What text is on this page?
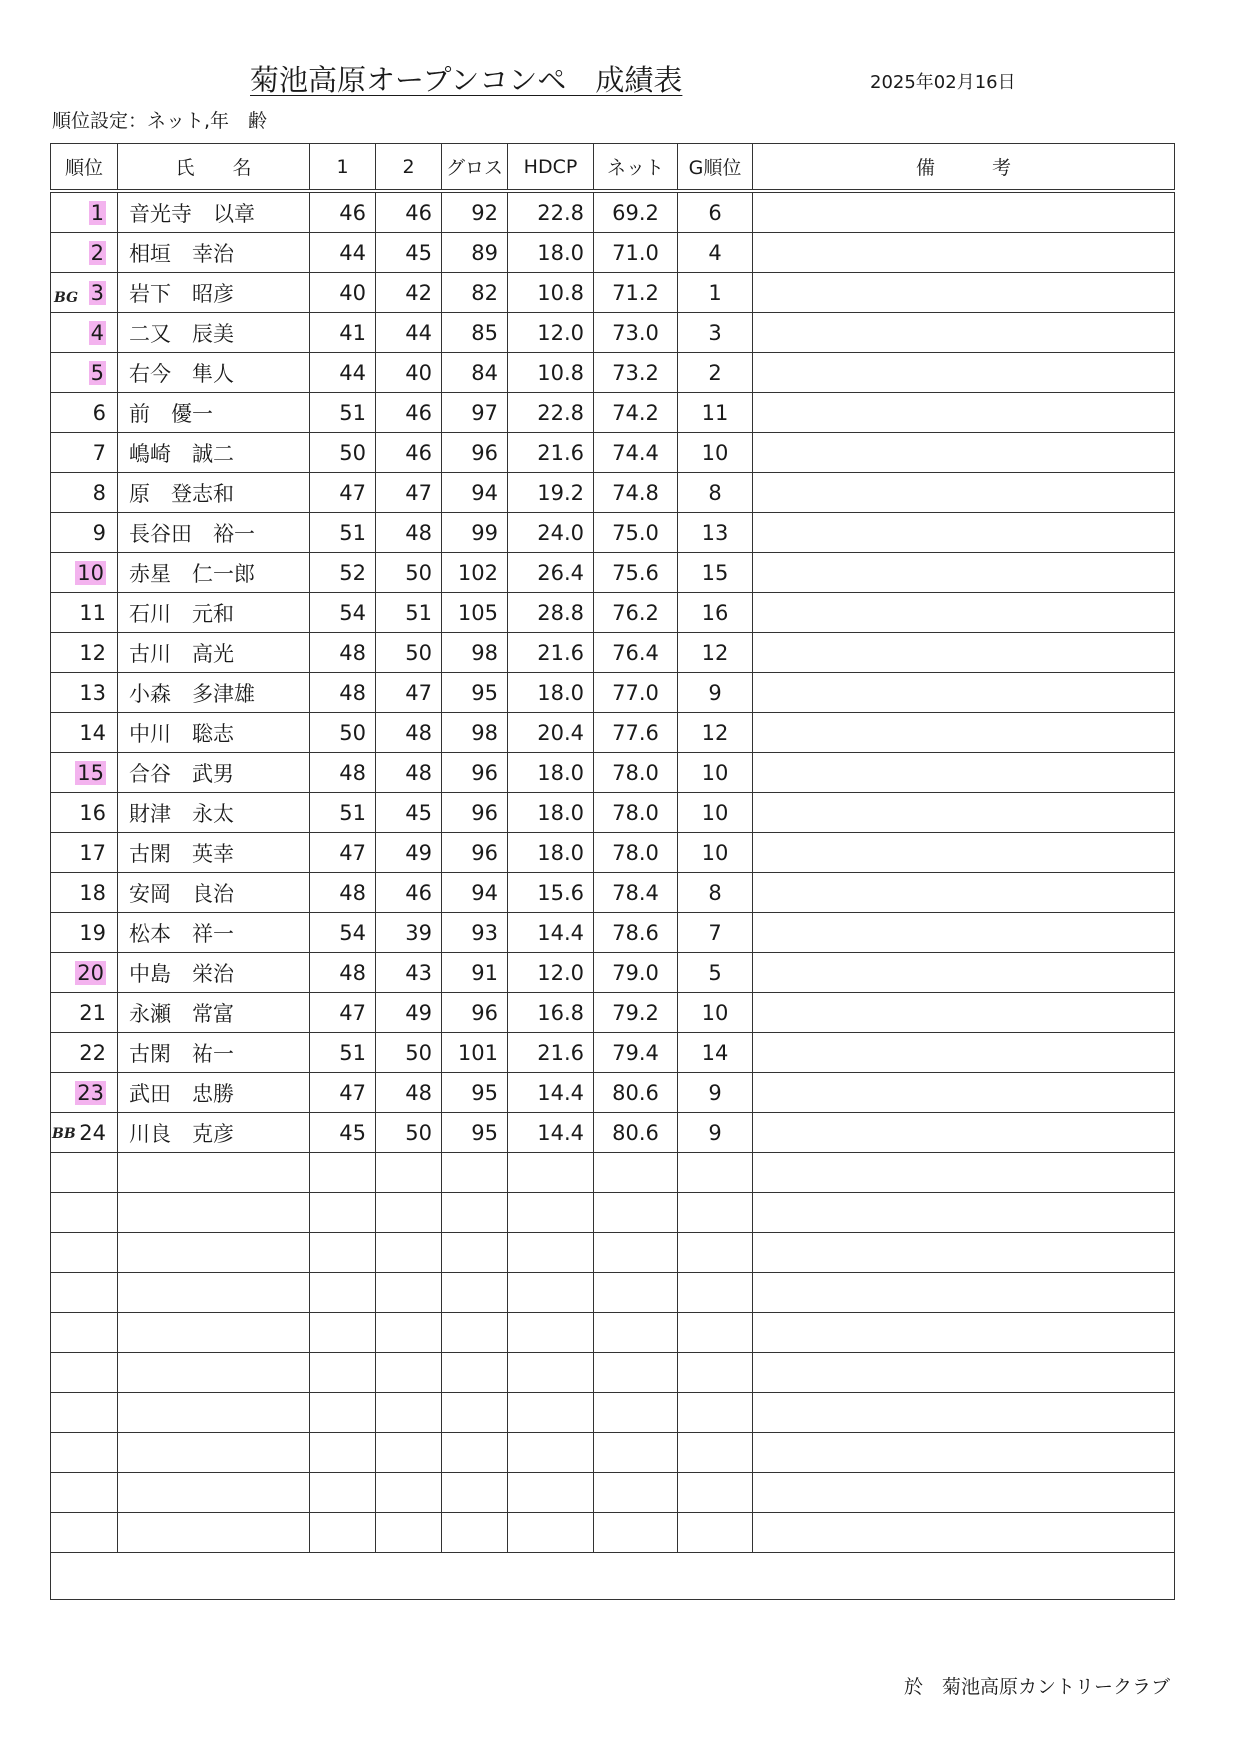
菊池高原オープンコンペ　成績表	2025年02月16日
順位設定：ネット,年　齢
BG
BB
順位	氏　　名	1	2	グロス	HDCP	ネット	G順位	備　　　考
1	音光寺　以章	46	46	92	22.8	69.2	6	
2	相垣　幸治	44	45	89	18.0	71.0	4	
3	岩下　昭彦	40	42	82	10.8	71.2	1	
4	二又　辰美	41	44	85	12.0	73.0	3	
5	右今　隼人	44	40	84	10.8	73.2	2	
6	前　優一	51	46	97	22.8	74.2	11	
7	嶋崎　誠二	50	46	96	21.6	74.4	10	
8	原　登志和	47	47	94	19.2	74.8	8	
9	長谷田　裕一	51	48	99	24.0	75.0	13	
10	赤星　仁一郎	52	50	102	26.4	75.6	15	
11	石川　元和	54	51	105	28.8	76.2	16	
12	古川　高光	48	50	98	21.6	76.4	12	
13	小森　多津雄	48	47	95	18.0	77.0	9	
14	中川　聡志	50	48	98	20.4	77.6	12	
15	合谷　武男	48	48	96	18.0	78.0	10	
16	財津　永太	51	45	96	18.0	78.0	10	
17	古閑　英幸	47	49	96	18.0	78.0	10	
18	安岡　良治	48	46	94	15.6	78.4	8	
19	松本　祥一	54	39	93	14.4	78.6	7	
20	中島　栄治	48	43	91	12.0	79.0	5	
21	永瀬　常富	47	49	96	16.8	79.2	10	
22	古閑　祐一	51	50	101	21.6	79.4	14	
23	武田　忠勝	47	48	95	14.4	80.6	9	
24	川良　克彦	45	50	95	14.4	80.6	9	

於　菊池高原カントリークラブ
